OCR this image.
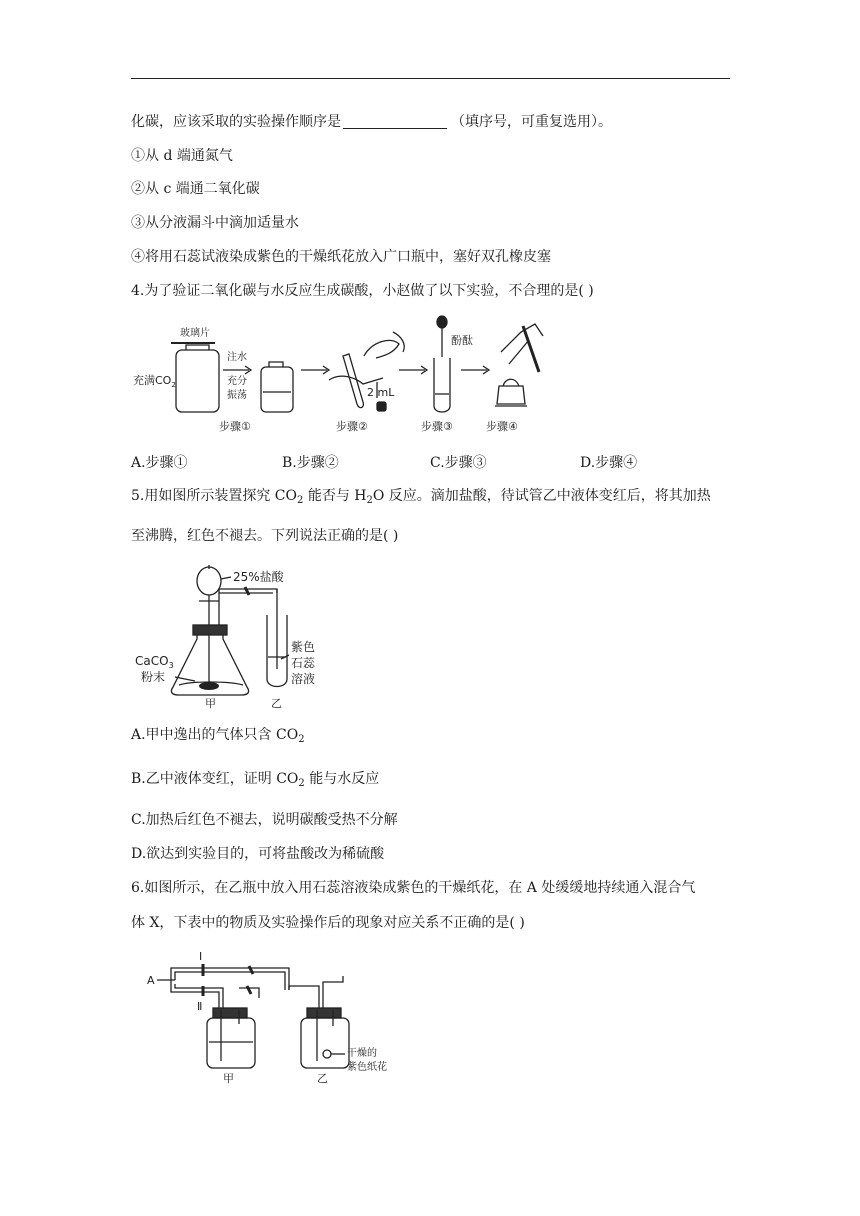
化碳，应该采取的实验操作顺序是	（填序号，可重复选用）。
①从 d 端通氮气
②从 c 端通二氧化碳
③从分液漏斗中滴加适量水
④将用石蕊试液染成紫色的干燥纸花放入广口瓶中，塞好双孔橡皮塞
4.为了验证二氧化碳与水反应生成碳酸，小赵做了以下实验，不合理的是( )
玻璃片
充满$CO_2$
注水
充分
振荡	2 mL
酚酞
步骤①	步骤②	步骤③	步骤④
A.步骤①	B.步骤②	C.步骤③	D.步骤④
5.用如图所示装置探究 $CO_2$ 能否与 $H_2O$ 反应。滴加盐酸，待试管乙中液体变红后，将其加热
至沸腾，红色不褪去。下列说法正确的是( )
25%盐酸
CaCO$_3$
粉末
紫色
石蕊
溶液
甲	乙
A.甲中逸出的气体只含 $CO_2$
B.乙中液体变红，证明 $CO_2$ 能与水反应
C.加热后红色不褪去，说明碳酸受热不分解
D.欲达到实验目的，可将盐酸改为稀硫酸
6.如图所示，在乙瓶中放入用石蕊溶液染成紫色的干燥纸花，在 A 处缓缓地持续通入混合气
体 X，下表中的物质及实验操作后的现象对应关系不正确的是( )
A
Ⅰ
Ⅱ
干燥的
紫色纸花
甲	乙
